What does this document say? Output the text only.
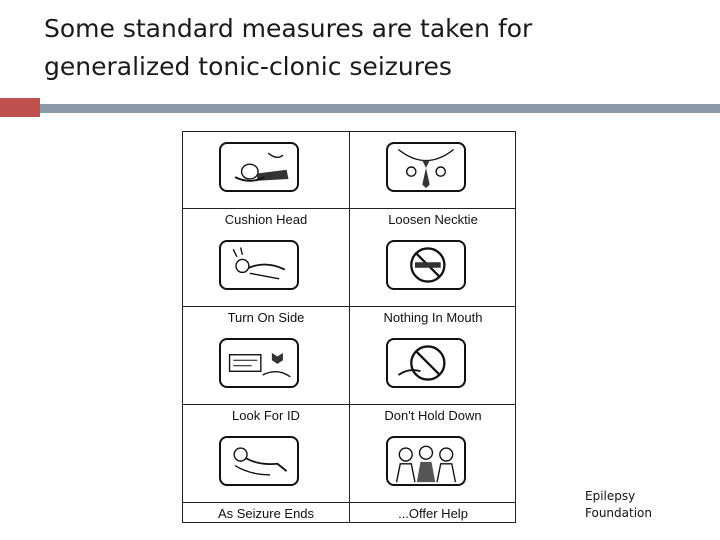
Some standard measures are taken for
generalized tonic-clonic seizures
Cushion Head	Loosen Necktie
Turn On Side	Nothing In Mouth
Look For ID	Don't Hold Down
As Seizure Ends	...Offer Help
Epilepsy
Foundation
